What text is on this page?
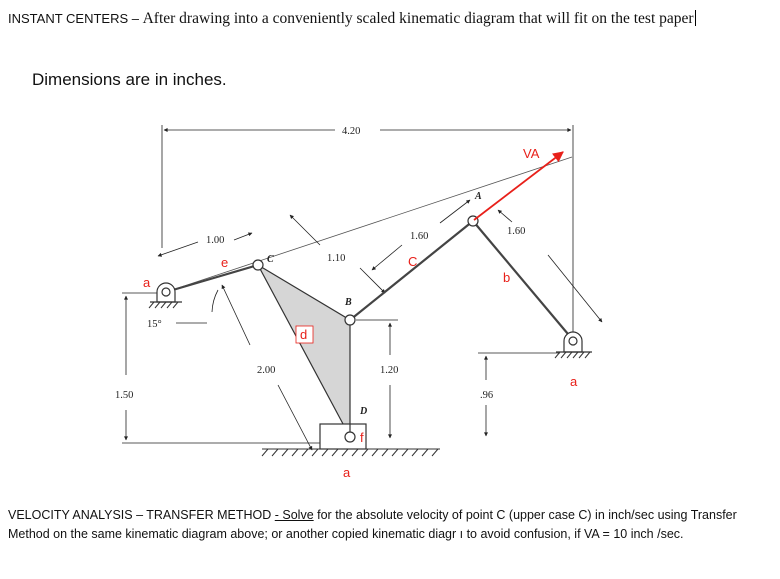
INSTANT CENTERS – After drawing into a conveniently scaled kinematic diagram that will fit on the test paper
Dimensions are in inches.
4.20
1.50
15°
1.00
1.10
1.60	1.60
2.00	1.20
.96
C
B
A
D
VA
a
e	C
b
a
a
f
d
VELOCITY ANALYSIS – TRANSFER METHOD - Solve for the absolute velocity of point C (upper case C) in inch/sec using Transfer
Method on the same kinematic diagram above; or another copied kinematic diagr ı to avoid confusion, if VA = 10 inch /sec.
